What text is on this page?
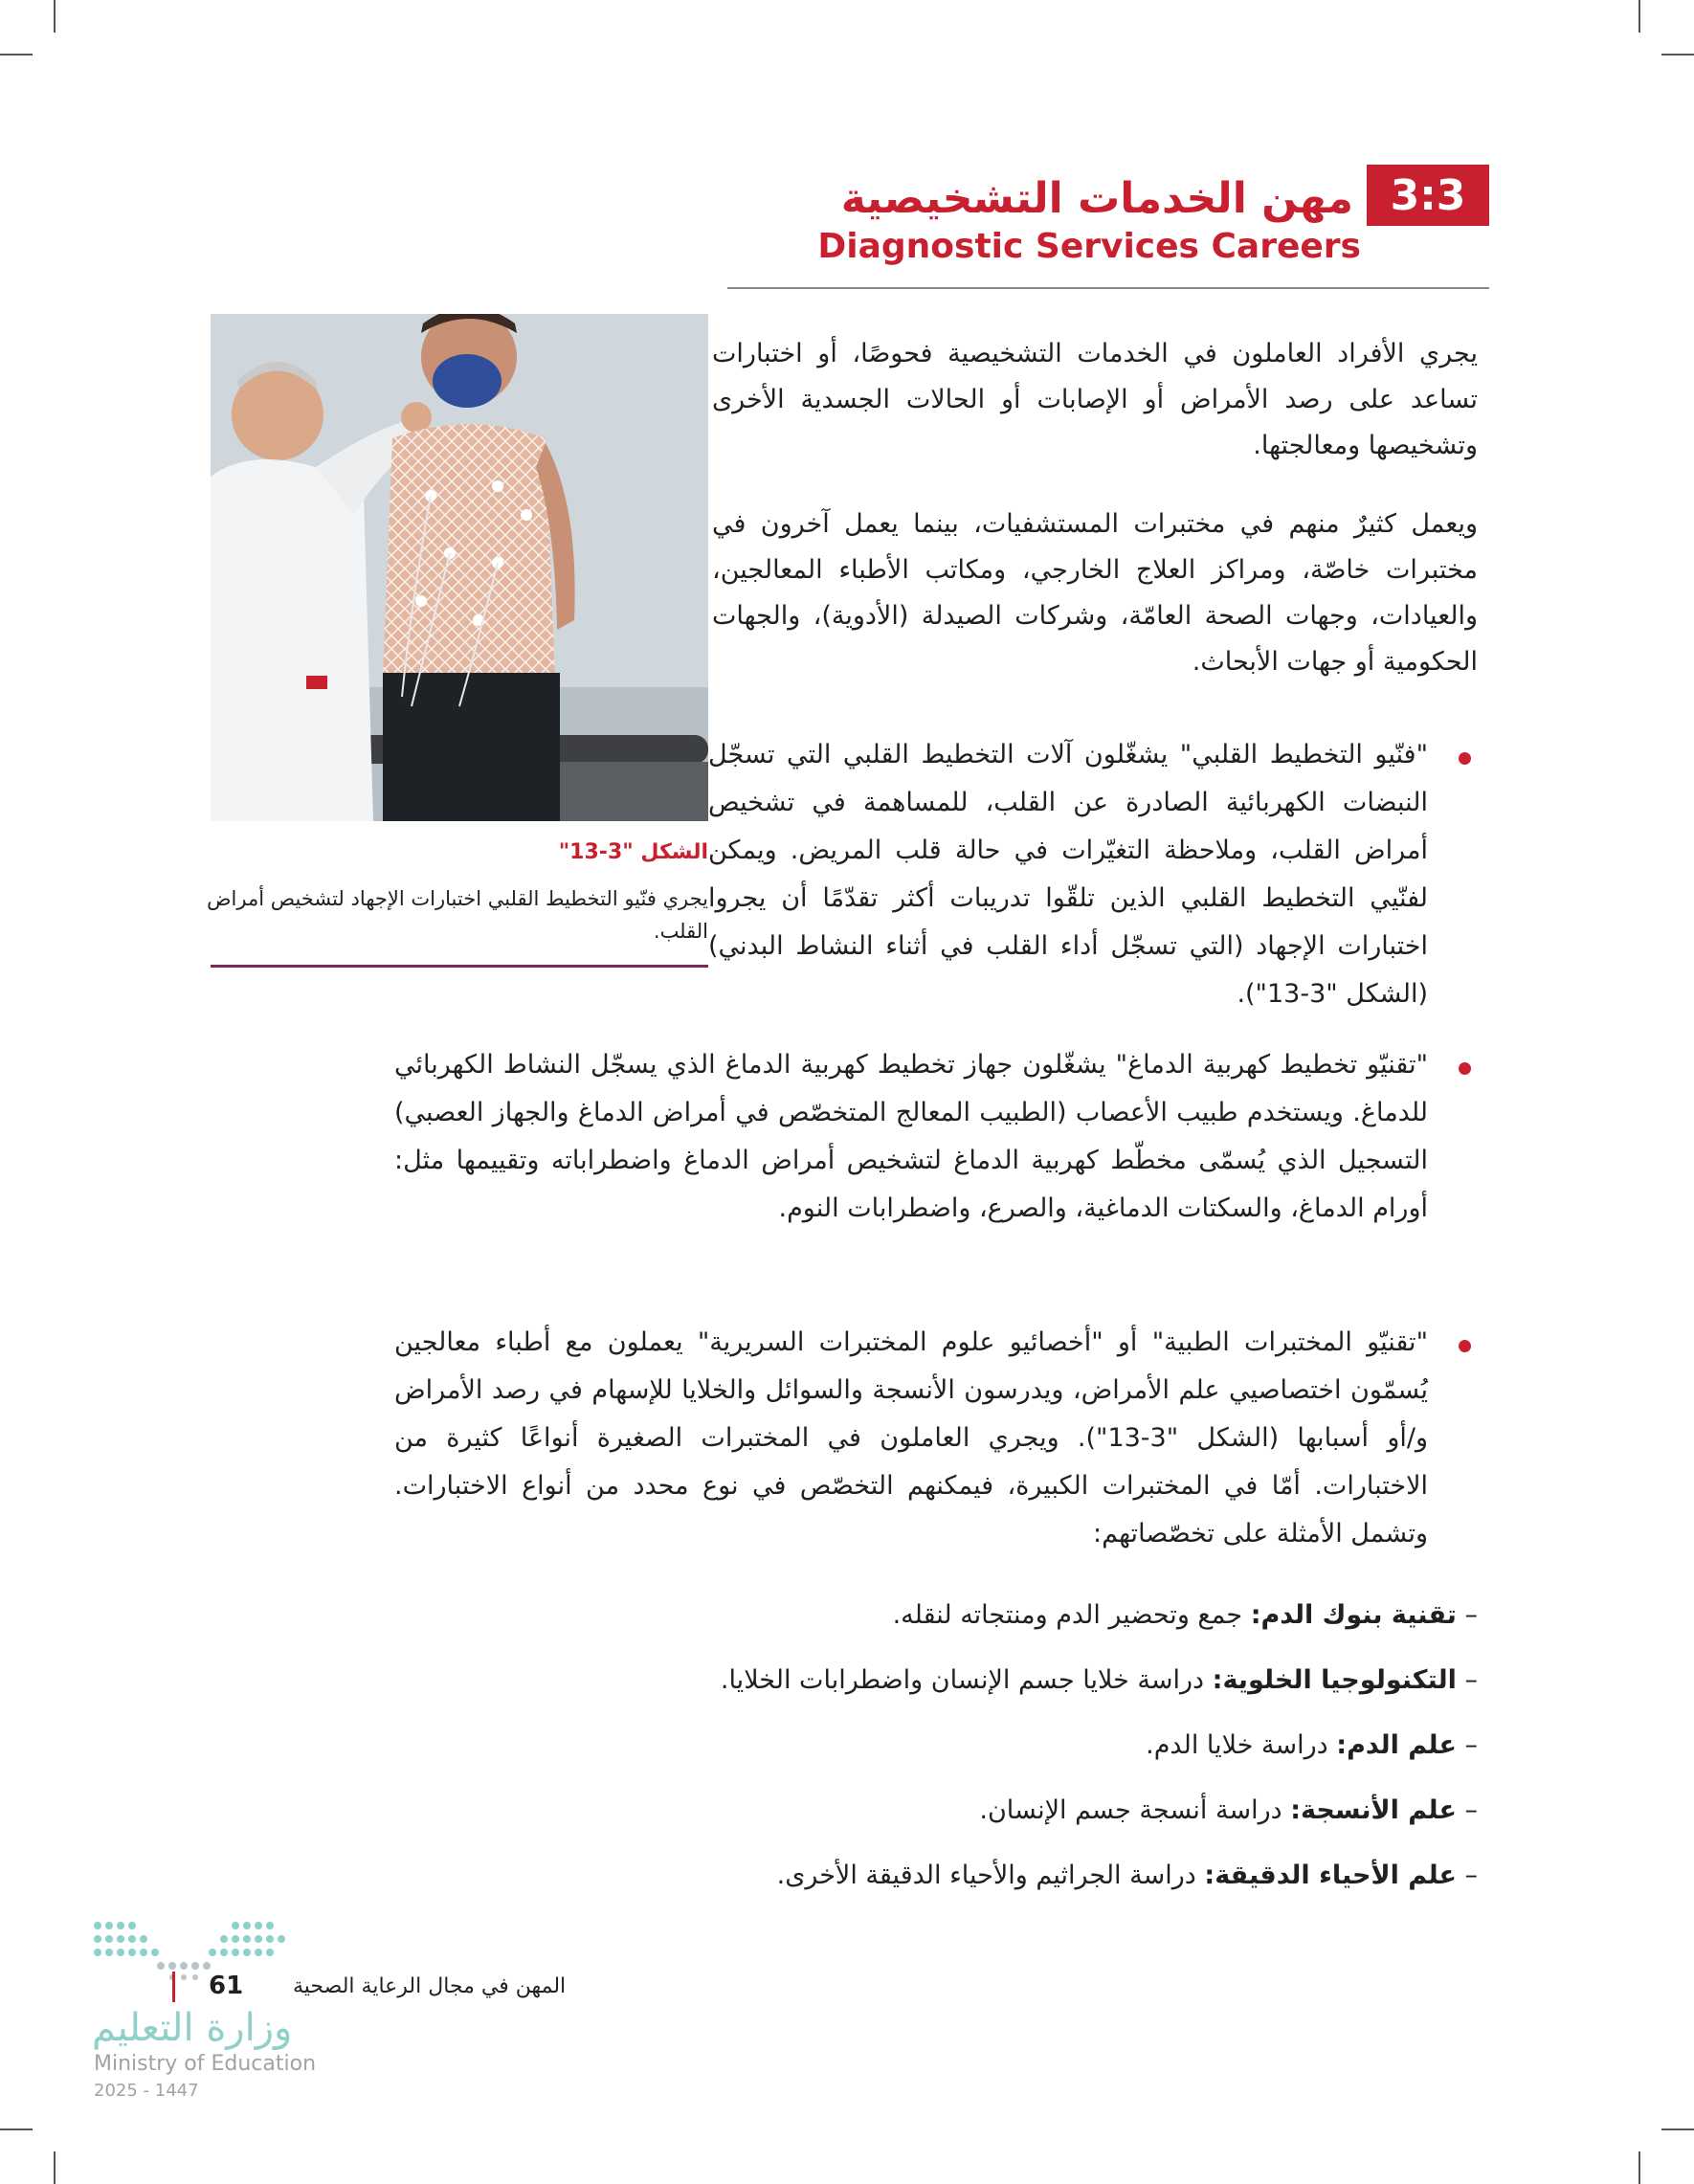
3:3
مهن الخدمات التشخيصية
Diagnostic Services Careers
الشكل "3-13"
يجري فنّيو التخطيط القلبي اختبارات الإجهاد لتشخيص أمراض القلب.
يجري الأفراد العاملون في الخدمات التشخيصية فحوصًا، أو اختبارات تساعد على رصد الأمراض أو الإصابات أو الحالات الجسدية الأخرى وتشخيصها ومعالجتها.
ويعمل كثيرٌ منهم في مختبرات المستشفيات، بينما يعمل آخرون في مختبرات خاصّة، ومراكز العلاج الخارجي، ومكاتب الأطباء المعالجين، والعيادات، وجهات الصحة العامّة، وشركات الصيدلة (الأدوية)، والجهات الحكومية أو جهات الأبحاث.
"فنّيو التخطيط القلبي" يشغّلون آلات التخطيط القلبي التي تسجّل النبضات الكهربائية الصادرة عن القلب، للمساهمة في تشخيص أمراض القلب، وملاحظة التغيّرات في حالة قلب المريض. ويمكن لفنّيي التخطيط القلبي الذين تلقّوا تدريبات أكثر تقدّمًا أن يجروا اختبارات الإجهاد (التي تسجّل أداء القلب في أثناء النشاط البدني) (الشكل "3-13").
"تقنيّو تخطيط كهربية الدماغ" يشغّلون جهاز تخطيط كهربية الدماغ الذي يسجّل النشاط الكهربائي للدماغ. ويستخدم طبيب الأعصاب (الطبيب المعالج المتخصّص في أمراض الدماغ والجهاز العصبي) التسجيل الذي يُسمّى مخطّط كهربية الدماغ لتشخيص أمراض الدماغ واضطراباته وتقييمها مثل: أورام الدماغ، والسكتات الدماغية، والصرع، واضطرابات النوم.
"تقنيّو المختبرات الطبية" أو "أخصائيو علوم المختبرات السريرية" يعملون مع أطباء معالجين يُسمّون اختصاصيي علم الأمراض، ويدرسون الأنسجة والسوائل والخلايا للإسهام في رصد الأمراض و/أو أسبابها (الشكل "3-13"). ويجري العاملون في المختبرات الصغيرة أنواعًا كثيرة من الاختبارات. أمّا في المختبرات الكبيرة، فيمكنهم التخصّص في نوع محدد من أنواع الاختبارات. وتشمل الأمثلة على تخصّصاتهم:
– تقنية بنوك الدم: جمع وتحضير الدم ومنتجاته لنقله.
– التكنولوجيا الخلوية: دراسة خلايا جسم الإنسان واضطرابات الخلايا.
– علم الدم: دراسة خلايا الدم.
– علم الأنسجة: دراسة أنسجة جسم الإنسان.
– علم الأحياء الدقيقة: دراسة الجراثيم والأحياء الدقيقة الأخرى.
61 المهن في مجال الرعاية الصحية
وزارة التعليم
Ministry of Education
2025 - 1447
